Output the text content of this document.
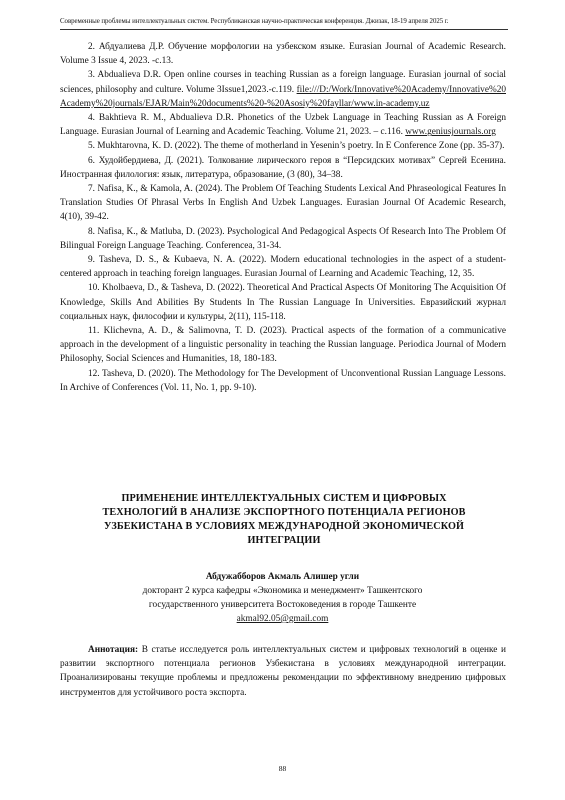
Современные проблемы интеллектуальных систем. Республиканская научно-практическая конференция. Джизак, 18-19 апреля 2025 г.

2. Абдуалиева Д.Р. Обучение морфологии на узбекском языке. Eurasian Journal of Academic Research. Volume 3 Issue 4, 2023. -с.13.

3. Abdualieva D.R. Open online courses in teaching Russian as a foreign language. Eurasian journal of social sciences, philosophy and culture. Volume 3Issue1,2023.-с.119. file:///D:/Work/Innovative%20Academy/Innovative%20Academy%20journals/EJAR/Main%20documents%20-%20Asosiy%20fayllar/www.in-academy.uz

4. Bakhtieva R. M., Abdualieva D.R. Phonetics of the Uzbek Language in Teaching Russian as A Foreign Language. Eurasian Journal of Learning and Academic Teaching. Volume 21, 2023. – с.116. www.geniusjournals.org

5. Mukhtarovna, K. D. (2022). The theme of motherland in Yesenin’s poetry. In E Conference Zone (pp. 35-37).

6. Худойбердиева, Д. (2021). Толкование лирического героя в “Персидских мотивах” Сергей Есенина. Иностранная филология: язык, литература, образование, (3 (80), 34–38.

7. Nafisa, K., & Kamola, A. (2024). The Problem Of Teaching Students Lexical And Phraseological Features In Translation Studies Of Phrasal Verbs In English And Uzbek Languages. Eurasian Journal Of Academic Research, 4(10), 39-42.

8. Nafisa, K., & Matluba, D. (2023). Psychological And Pedagogical Aspects Of Research Into The Problem Of Bilingual Foreign Language Teaching. Conferencea, 31-34.

9. Tasheva, D. S., & Kubaeva, N. A. (2022). Modern educational technologies in the aspect of a student-centered approach in teaching foreign languages. Eurasian Journal of Learning and Academic Teaching, 12, 35.

10. Kholbaeva, D., & Tasheva, D. (2022). Theoretical And Practical Aspects Of Monitoring The Acquisition Of Knowledge, Skills And Abilities By Students In The Russian Language In Universities. Евразийский журнал социальных наук, философии и культуры, 2(11), 115-118.

11. Klichevna, A. D., & Salimovna, T. D. (2023). Practical aspects of the formation of a communicative approach in the development of a linguistic personality in teaching the Russian language. Periodica Journal of Modern Philosophy, Social Sciences and Humanities, 18, 180-183.

12. Tasheva, D. (2020). The Methodology for The Development of Unconventional Russian Language Lessons. In Archive of Conferences (Vol. 11, No. 1, pp. 9-10).

ПРИМЕНЕНИЕ ИНТЕЛЛЕКТУАЛЬНЫХ СИСТЕМ И ЦИФРОВЫХ
ТЕХНОЛОГИЙ В АНАЛИЗЕ ЭКСПОРТНОГО ПОТЕНЦИАЛА РЕГИОНОВ
УЗБЕКИСТАНА В УСЛОВИЯХ МЕЖДУНАРОДНОЙ ЭКОНОМИЧЕСКОЙ
ИНТЕГРАЦИИ
Абдужабборов Акмаль Алишер угли
докторант 2 курса кафедры «Экономика и менеджмент» Ташкентского
государственного университета Востоковедения в городе Ташкенте
akmal92.05@gmail.com
Аннотация: В статье исследуется роль интеллектуальных систем и цифровых технологий в оценке и развитии экспортного потенциала регионов Узбекистана в условиях международной интеграции. Проанализированы текущие проблемы и предложены рекомендации по эффективному внедрению цифровых инструментов для устойчивого роста экспорта.
88
